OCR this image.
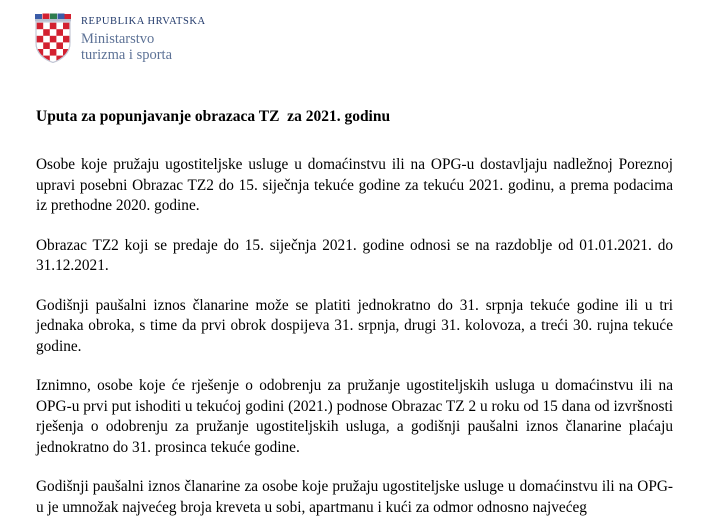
REPUBLIKA HRVATSKA
Ministarstvo
turizma i sporta
Uputa za popunjavanje obrazaca TZ  za 2021. godinu

Osobe koje pružaju ugostiteljske usluge u domaćinstvu ili na OPG-u dostavljaju nadležnoj Poreznoj upravi posebni Obrazac TZ2 do 15. siječnja tekuće godine za tekuću 2021. godinu, a prema podacima iz prethodne 2020. godine.

Obrazac TZ2 koji se predaje do 15. siječnja 2021. godine odnosi se na razdoblje od 01.01.2021. do 31.12.2021.

Godišnji paušalni iznos članarine može se platiti jednokratno do 31. srpnja tekuće godine ili u tri jednaka obroka, s time da prvi obrok dospijeva 31. srpnja, drugi 31. kolovoza, a treći 30. rujna tekuće godine.

Iznimno, osobe koje će rješenje o odobrenju za pružanje ugostiteljskih usluga u domaćinstvu ili na OPG-u prvi put ishoditi u tekućoj godini (2021.) podnose Obrazac TZ 2 u roku od 15 dana od izvršnosti rješenja o odobrenju za pružanje ugostiteljskih usluga, a godišnji paušalni iznos članarine plaćaju jednokratno do 31. prosinca tekuće godine.

Godišnji paušalni iznos članarine za osobe koje pružaju ugostiteljske usluge u domaćinstvu ili na OPG-u je umnožak najvećeg broja kreveta u sobi, apartmanu i kući za odmor odnosno najvećeg
